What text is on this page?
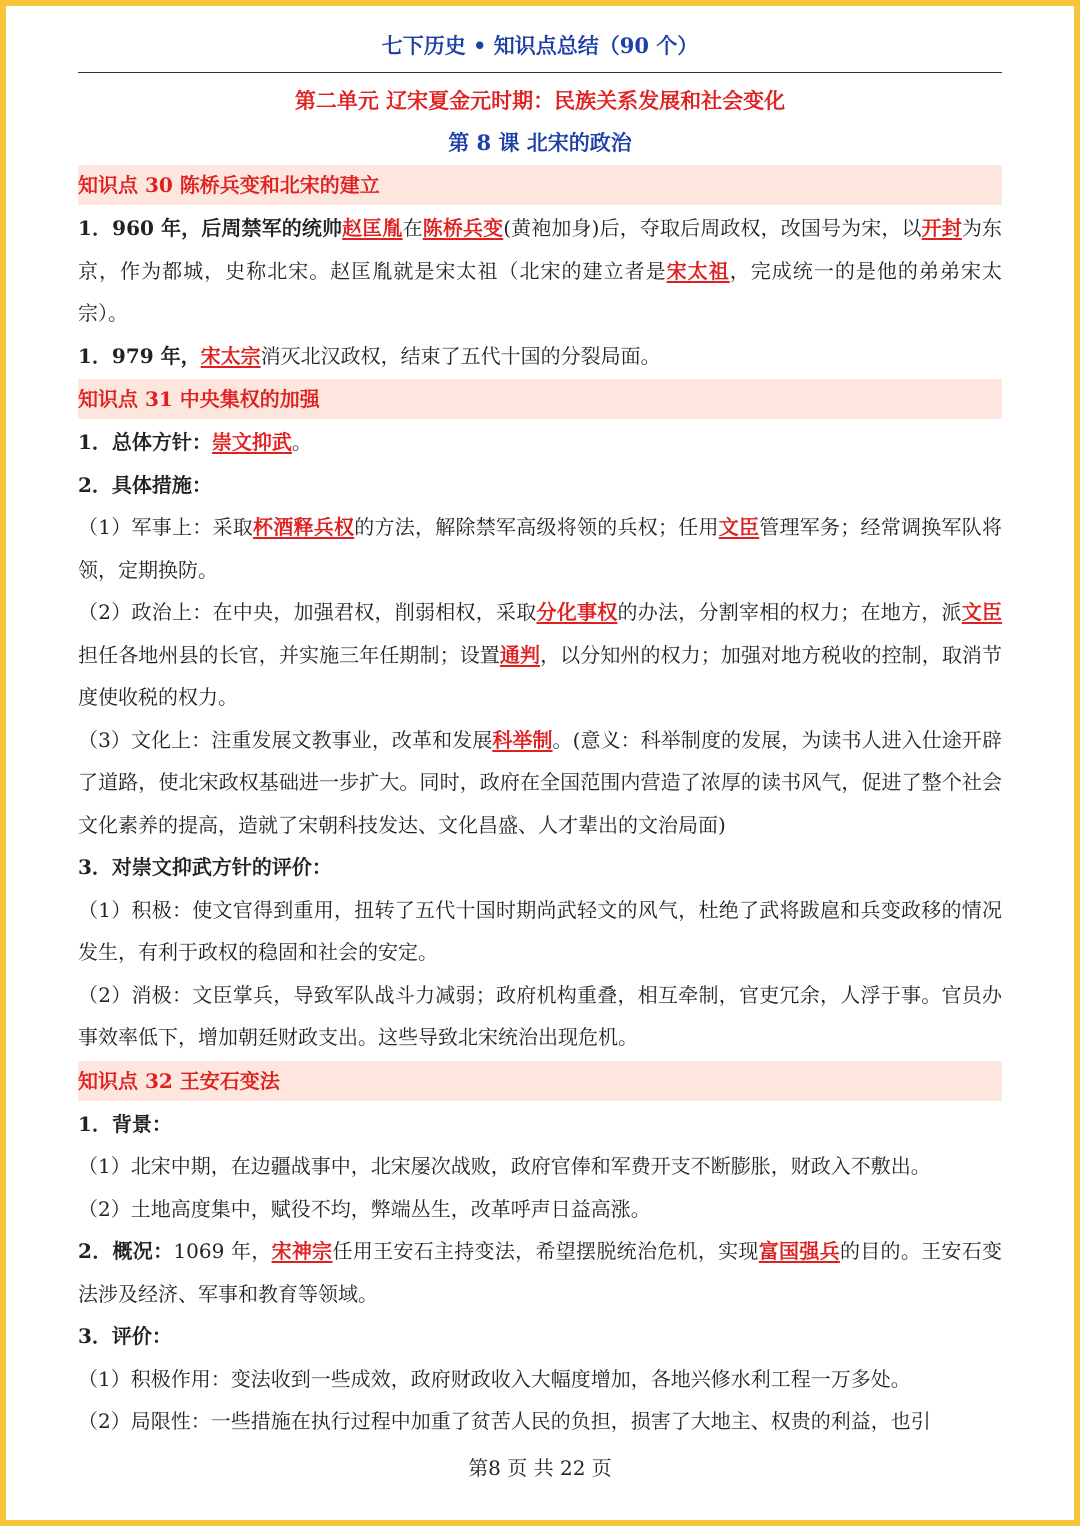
七下历史 • 知识点总结（90 个）
第二单元 辽宋夏金元时期：民族关系发展和社会变化
第 8 课 北宋的政治
知识点 30 陈桥兵变和北宋的建立

1．960 年，后周禁军的统帅赵匡胤在陈桥兵变(黄袍加身)后，夺取后周政权，改国号为宋，以开封为东京，作为都城，史称北宋。赵匡胤就是宋太祖（北宋的建立者是宋太祖，完成统一的是他的弟弟宋太宗）。

1．979 年，宋太宗消灭北汉政权，结束了五代十国的分裂局面。

知识点 31 中央集权的加强

1．总体方针：崇文抑武。

2．具体措施：

（1）军事上：采取杯酒释兵权的方法，解除禁军高级将领的兵权；任用文臣管理军务；经常调换军队将领，定期换防。

（2）政治上：在中央，加强君权，削弱相权，采取分化事权的办法，分割宰相的权力；在地方，派文臣担任各地州县的长官，并实施三年任期制；设置通判，以分知州的权力；加强对地方税收的控制，取消节度使收税的权力。

（3）文化上：注重发展文教事业，改革和发展科举制。(意义：科举制度的发展，为读书人进入仕途开辟了道路，使北宋政权基础进一步扩大。同时，政府在全国范围内营造了浓厚的读书风气，促进了整个社会文化素养的提高，造就了宋朝科技发达、文化昌盛、人才辈出的文治局面)

3．对崇文抑武方针的评价：

（1）积极：使文官得到重用，扭转了五代十国时期尚武轻文的风气，杜绝了武将跋扈和兵变政移的情况发生，有利于政权的稳固和社会的安定。

（2）消极：文臣掌兵，导致军队战斗力减弱；政府机构重叠，相互牵制，官吏冗余，人浮于事。官员办事效率低下，增加朝廷财政支出。这些导致北宋统治出现危机。

知识点 32 王安石变法

1．背景：

（1）北宋中期，在边疆战事中，北宋屡次战败，政府官俸和军费开支不断膨胀，财政入不敷出。

（2）土地高度集中，赋役不均，弊端丛生，改革呼声日益高涨。

2．概况：1069 年，宋神宗任用王安石主持变法，希望摆脱统治危机，实现富国强兵的目的。王安石变法涉及经济、军事和教育等领域。

3．评价：

（1）积极作用：变法收到一些成效，政府财政收入大幅度增加，各地兴修水利工程一万多处。

（2）局限性：一些措施在执行过程中加重了贫苦人民的负担，损害了大地主、权贵的利益，也引

第8 页 共 22 页
